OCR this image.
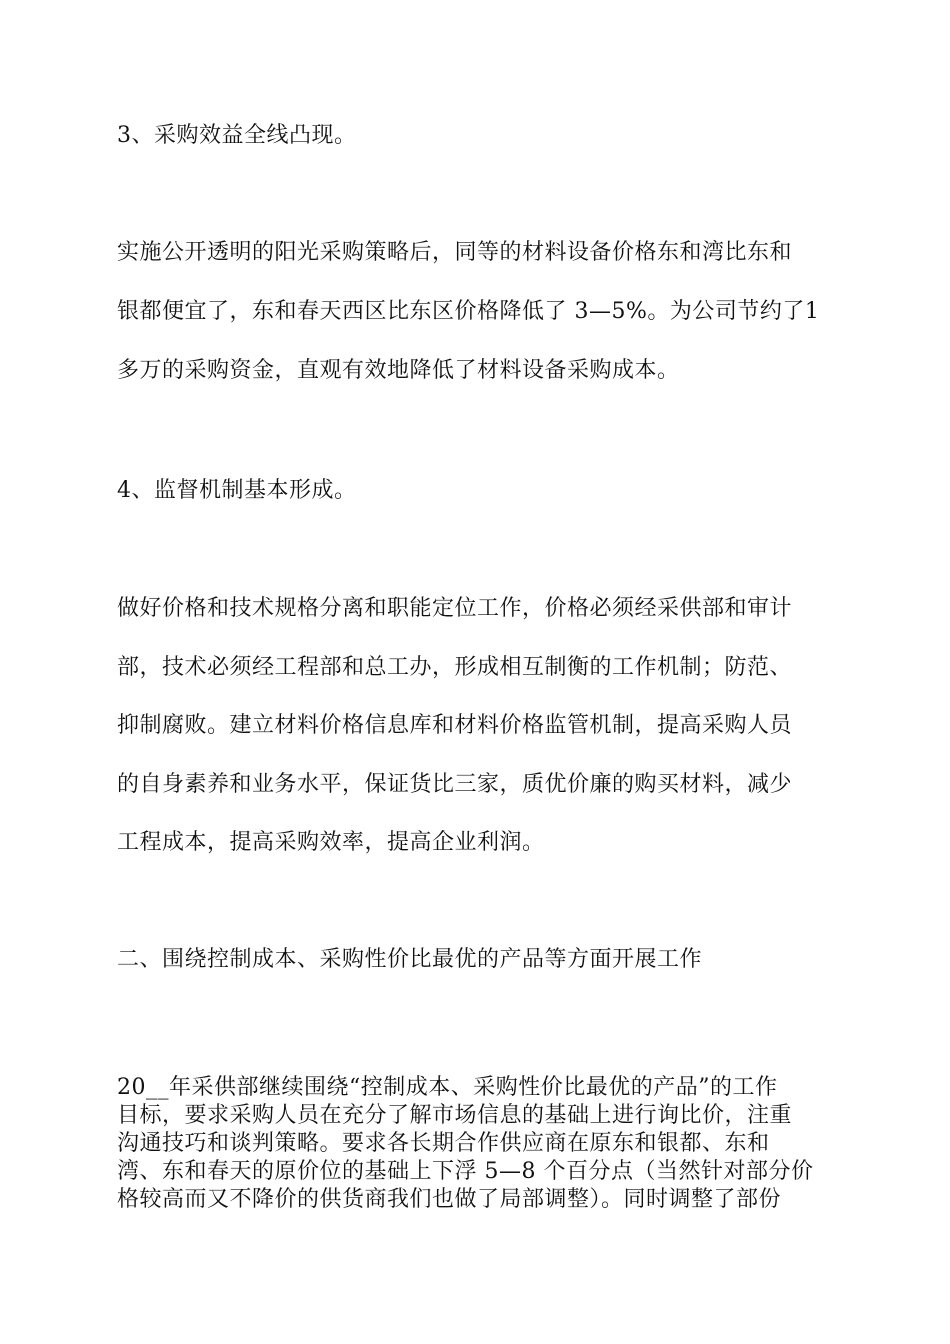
3、采购效益全线凸现。
实施公开透明的阳光采购策略后，同等的材料设备价格东和湾比东和
银都便宜了，东和春天西区比东区价格降低了 3—5%。为公司节约了1
多万的采购资金，直观有效地降低了材料设备采购成本。
4、监督机制基本形成。
做好价格和技术规格分离和职能定位工作，价格必须经采供部和审计
部，技术必须经工程部和总工办，形成相互制衡的工作机制；防范、
抑制腐败。建立材料价格信息库和材料价格监管机制，提高采购人员
的自身素养和业务水平，保证货比三家，质优价廉的购买材料，减少
工程成本，提高采购效率，提高企业利润。
二、围绕控制成本、采购性价比最优的产品等方面开展工作
20__年采供部继续围绕“控制成本、采购性价比最优的产品”的工作
目标，要求采购人员在充分了解市场信息的基础上进行询比价，注重
沟通技巧和谈判策略。要求各长期合作供应商在原东和银都、东和
湾、东和春天的原价位的基础上下浮 5—8 个百分点（当然针对部分价
格较高而又不降价的供货商我们也做了局部调整）。同时调整了部份
